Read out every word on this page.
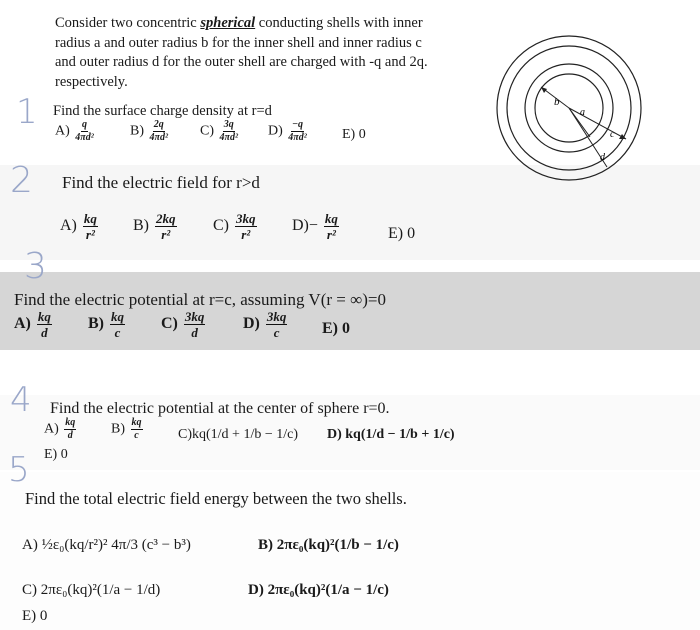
1
2
3
4
5
Consider two concentric spherical conducting shells with inner
radius a and outer radius b for the inner shell and inner radius c
and outer radius d for the outer shell are charged with -q and 2q.
respectively.
b
a
c
d
Find the surface charge density at r=d
$A) \frac{q}{\text{4πd²}}$	$B) \frac{2q}{\text{4πd²}} C) \frac{3q}{\text{4πd²}} D) \frac{-q}{\text{4πd²}}$	E) 0
Find the electric field for r>d
$A) \frac{kq}{\text{r²}} B) \frac{2kq}{\text{r²}} C) \frac{3kq}{\text{r²}} D)- \frac{kq}{\text{r²}}$	E) 0
Find the electric potential at r=c, assuming V(r = ∞)=0
$A) \frac{kq}{d} B) \frac{kq}{c} C) \frac{3kq}{d} D) \frac{3kq}{c} E$) 0
Find the electric potential at the center of sphere r=0.
$A) \frac{kq}{d} B) \frac{kq}{c}$	C)kq(1/d + 1/b − 1/c) D) kq(1/d − 1/b + 1/c)
E) 0
Find the total electric field energy between the two shells.
A) ½ε₀(kq/r²)² 4π/3 (c³ − b³)	B) 2πε₀(kq)²(1/b − 1/c)
C) 2πε₀(kq)²(1/a − 1/d)	D) 2πε₀(kq)²(1/a − 1/c)
E) 0
